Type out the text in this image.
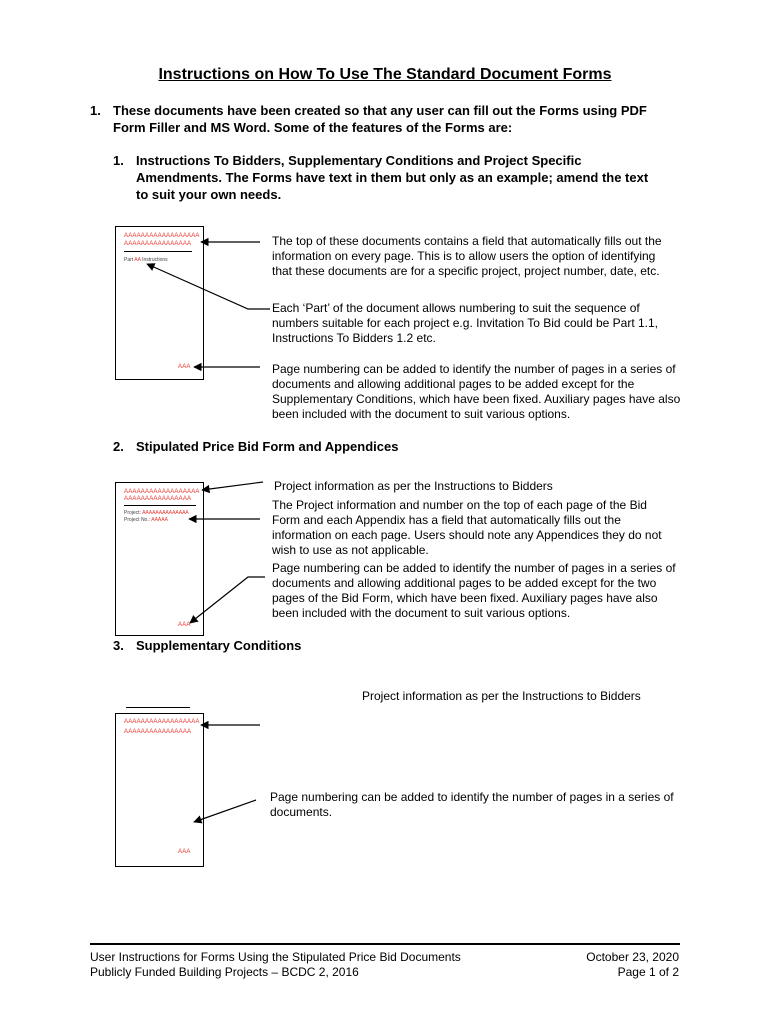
Instructions on How To Use The Standard Document Forms
1. These documents have been created so that any user can fill out the Forms using PDF Form Filler and MS Word. Some of the features of the Forms are:
1. Instructions To Bidders, Supplementary Conditions and Project Specific Amendments. The Forms have text in them but only as an example; amend the text to suit your own needs.
AAAAAAAAAAAAAAAAAA
AAAAAAAAAAAAAAAA
Part AA Instructions
AAA
The top of these documents contains a field that automatically fills out the information on every page. This is to allow users the option of identifying that these documents are for a specific project, project number, date, etc.
Each ‘Part’ of the document allows numbering to suit the sequence of numbers suitable for each project e.g. Invitation To Bid could be Part 1.1, Instructions To Bidders 1.2 etc.
Page numbering can be added to identify the number of pages in a series of documents and allowing additional pages to be added except for the Supplementary Conditions, which have been fixed. Auxiliary pages have also been included with the document to suit various options.
2. Stipulated Price Bid Form and Appendices
AAAAAAAAAAAAAAAAAA
AAAAAAAAAAAAAAAA
Project: AAAAAAAAAAAAAA
Project No.: AAAAA
AAA
Project information as per the Instructions to Bidders
The Project information and number on the top of each page of the Bid Form and each Appendix has a field that automatically fills out the information on each page. Users should note any Appendices they do not wish to use as not applicable.
Page numbering can be added to identify the number of pages in a series of documents and allowing additional pages to be added except for the two pages of the Bid Form, which have been fixed. Auxiliary pages have also been included with the document to suit various options.
3. Supplementary Conditions
AAAAAAAAAAAAAAAAAA
AAAAAAAAAAAAAAAA
AAA
Project information as per the Instructions to Bidders
Page numbering can be added to identify the number of pages in a series of documents.
User Instructions for Forms Using the Stipulated Price Bid Documents
Publicly Funded Building Projects – BCDC 2, 2016
October 23, 2020
Page 1 of 2
